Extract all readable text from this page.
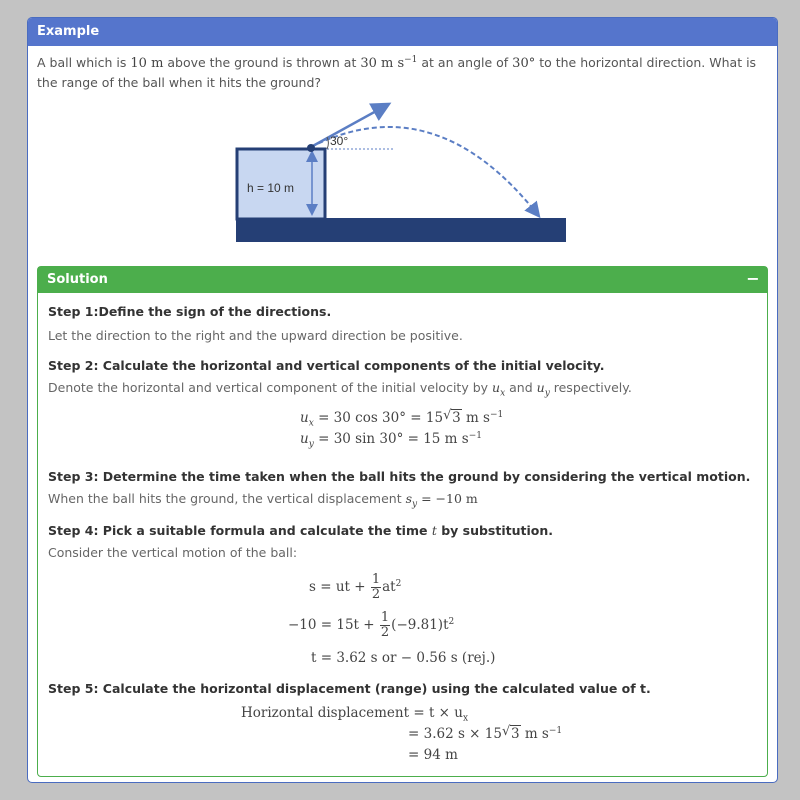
Example
A ball which is 10 m above the ground is thrown at 30 m $s^{-1}$ at an angle of 30° to the horizontal direction. What is the range of the ball when it hits the ground?
h = 10 m
30°
Solution	−
Step 1:Define the sign of the directions.
Let the direction to the right and the upward direction be positive.
Step 2: Calculate the horizontal and vertical components of the initial velocity.
Denote the horizontal and vertical component of the initial velocity by $u_x$ and $u_y$ respectively.
$u_x = 30$ cos 30° = 15 √ 3 m $s^{-1}$
$u_y = 30$ sin 30° = 15 m $s^{-1}$
Step 3: Determine the time taken when the ball hits the ground by considering the vertical motion.
When the ball hits the ground, the vertical displacement $s_y = -10$ m
Step 4: Pick a suitable formula and calculate the time t by substitution.
Consider the vertical motion of the ball:
s = ut + $\frac{1}{2} at^2$
$-10 = 15t + \frac{1}{2} (-9.81)t^2$
t = 3.62 s or − 0.56 s (rej.)
Step 5: Calculate the horizontal displacement (range) using the calculated value of t.
Horizontal displacement = $t \times u_x$
= 3.62 s × 15 √ 3 m $s^{-1}$
= 94 m
